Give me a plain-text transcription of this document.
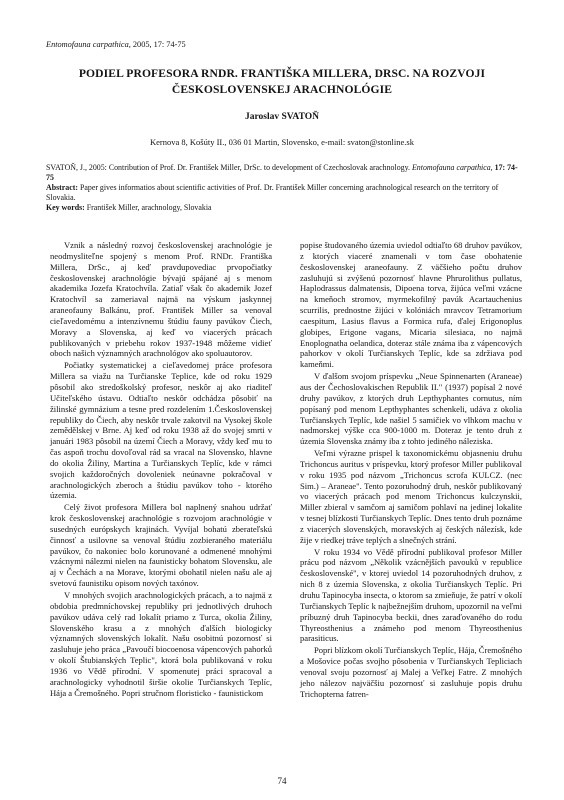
Entomofauna carpathica, 2005, 17: 74-75
PODIEL PROFESORA RNDR. FRANTIŠKA MILLERA, DRSC. NA ROZVOJI
ČESKOSLOVENSKEJ ARACHNOLÓGIE
Jaroslav SVATOŇ
Kernova 8, Košúty II., 036 01 Martin, Slovensko, e-mail: svaton@stonline.sk

SVATOŇ, J., 2005: Contribution of Prof. Dr. František Miller, DrSc. to development of Czechoslovak arachnology. Entomofauna carpathica, 17: 74-75

Abstract: Paper gives informatios about scientific activities of Prof. Dr. František Miller concerning arachnological research on the territory of Slovakia.

Key words: František Miller, arachnology, Slovakia

Vznik a následný rozvoj československej arachnológie je neodmysliteľne spojený s menom Prof. RNDr. Františka Millera, DrSc., aj keď pravdupovediac prvopočiatky československej arachnológie bývajú spájané aj s menom akademika Jozefa Kratochvíla. Zatiaľ však čo akademik Jozef Kratochvíl sa zameriaval najmä na výskum jaskynnej araneofauny Balkánu, prof. František Miller sa venoval cieľavedomému a intenzívnemu štúdiu fauny pavúkov Čiech, Moravy a Slovenska, aj keď vo viacerých prácach publikovaných v priebehu rokov 1937-1948 môžeme vidieť oboch našich významných arachnológov ako spoluautorov.

Počiatky systematickej a cieľavedomej práce profesora Millera sa viažu na Turčianske Teplice, kde od roku 1929 pôsobil ako stredoškolský profesor, neskôr aj ako riaditeľ Učiteľského ústavu. Odtiaľto neskôr odchádza pôsobiť na žilinské gymnázium a tesne pred rozdelením 1.Československej republiky do Čiech, aby neskôr trvale zakotvil na Vysokej škole zemědělskej v Brne. Aj keď od roku 1938 až do svojej smrti v januári 1983 pôsobil na území Čiech a Moravy, vždy keď mu to čas aspoň trochu dovoľoval rád sa vracal na Slovensko, hlavne do okolia Žiliny, Martina a Turčianskych Teplíc, kde v rámci svojich každoročných dovoleniek neúnavne pokračoval v arachnologických zberoch a štúdiu pavúkov toho - ktorého územia.

Celý život profesora Millera bol naplnený snahou udržať krok československej arachnológie s rozvojom arachnológie v susedných európskych krajinách. Vyvíjal bohatú zberateľskú činnosť a usilovne sa venoval štúdiu zozbieraného materiálu pavúkov, čo nakoniec bolo korunované a odmenené mnohými vzácnymi nálezmi nielen na faunisticky bohatom Slovensku, ale aj v Čechách a na Morave, ktorými obohatil nielen našu ale aj svetovú faunistiku opisom nových taxónov.

V mnohých svojich arachnologických prácach, a to najmä z obdobia predmníchovskej republiky pri jednotlivých druhoch pavúkov udáva celý rad lokalít priamo z Turca, okolia Žiliny, Slovenského krasu a z mnohých ďalších biologicky významných slovenských lokalít. Našu osobitnú pozornosť si zasluhuje jeho práca „Pavoučí biocoenosa vápencových pahorků v okolí Štubianských Teplic", ktorá bola publikovaná v roku 1936 vo Vědě přírodní. V spomenutej práci spracoval a arachnologicky vyhodnotil širšie okolie Turčianskych Teplíc, Hája a Čremošného. Popri stručnom floristicko - faunistickom

popise študovaného územia uviedol odtiaľto 68 druhov pavúkov, z ktorých viaceré znamenali v tom čase obohatenie československej araneofauny. Z väčšieho počtu druhov zasluhujú si zvýšenú pozornosť hlavne Phrurolithus pullatus, Haplodrassus dalmatensis, Dipoena torva, žijúca veľmi vzácne na kmeňoch stromov, myrmekofilný pavúk Acartauchenius scurrilis, prednostne žijúci v kolóniách mravcov Tetramorium caespitum, Lasius flavus a Formica rufa, ďalej Erigonoplus globipes, Erigone vagans, Micaria silesiaca, no najmä Enoplognatha oelandica, doteraz stále známa iba z vápencových pahorkov v okolí Turčianskych Teplíc, kde sa zdržiava pod kameňmi.

V ďalšom svojom príspevku „Neue Spinnenarten (Araneae) aus der Čechoslovakischen Republik II." (1937) popísal 2 nové druhy pavúkov, z ktorých druh Lepthyphantes cornutus, ním popísaný pod menom Lepthyphantes schenkeli, udáva z okolia Turčianskych Teplíc, kde našiel 5 samičiek vo vlhkom machu v nadmorskej výške cca 900-1000 m. Doteraz je tento druh z územia Slovenska známy iba z tohto jediného náleziska.

Veľmi výrazne prispel k taxonomickému objasneniu druhu Trichoncus auritus v príspevku, ktorý profesor Miller publikoval v roku 1935 pod názvom „Trichoncus scrofa KULCZ. (nec Sim.) – Araneae". Tento pozoruhodný druh, neskôr publikovaný vo viacerých prácach pod menom Trichoncus kulczynskii, Miller zbieral v samčom aj samičom pohlaví na jedinej lokalite v tesnej blízkosti Turčianskych Teplíc. Dnes tento druh poznáme z viacerých slovenských, moravských aj českých nálezísk, kde žije v riedkej tráve teplých a slnečných strání.

V roku 1934 vo Vědě přírodní publikoval profesor Miller prácu pod názvom „Několik vzácnějších pavouků v republice československé", v ktorej uviedol 14 pozoruhodných druhov, z nich 8 z územia Slovenska, z okolia Turčianskych Teplíc. Pri druhu Tapinocyba insecta, o ktorom sa zmieňuje, že patrí v okolí Turčianskych Teplíc k najbežnejším druhom, upozornil na veľmi príbuzný druh Tapinocyba beckii, dnes zaraďovaného do rodu Thyreosthenius a známeho pod menom Thyreosthenius parasiticus.

Popri blízkom okolí Turčianskych Teplíc, Hája, Čremošného a Mošovice počas svojho pôsobenia v Turčianskych Tepliciach venoval svoju pozornosť aj Malej a Veľkej Fatre. Z mnohých jeho nálezov najväčšiu pozornosť si zasluhuje popis druhu Trichopterna fatren-

74
